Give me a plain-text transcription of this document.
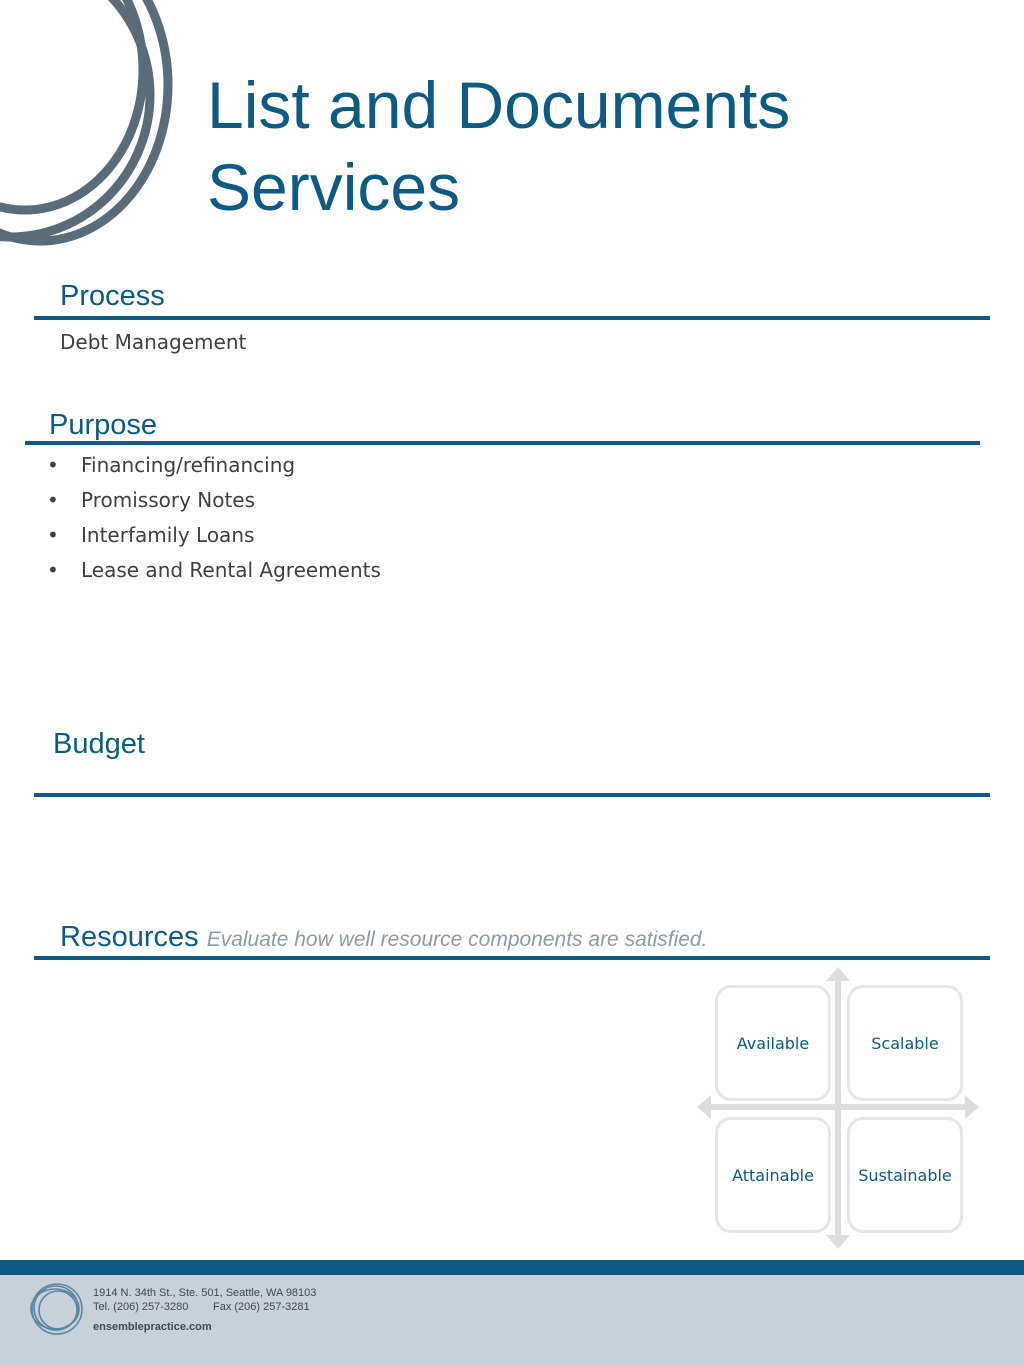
List and Documents
Services
Process
Debt Management
Purpose
• Financing/refinancing
• Promissory Notes
• Interfamily Loans
• Lease and Rental Agreements
Budget
Resources Evaluate how well resource components are satisfied.
Available	Scalable
Attainable	Sustainable
1914 N. 34th St., Ste. 501, Seattle, WA 98103
Tel. (206) 257-3280 Fax (206) 257-3281
ensemblepractice.com
